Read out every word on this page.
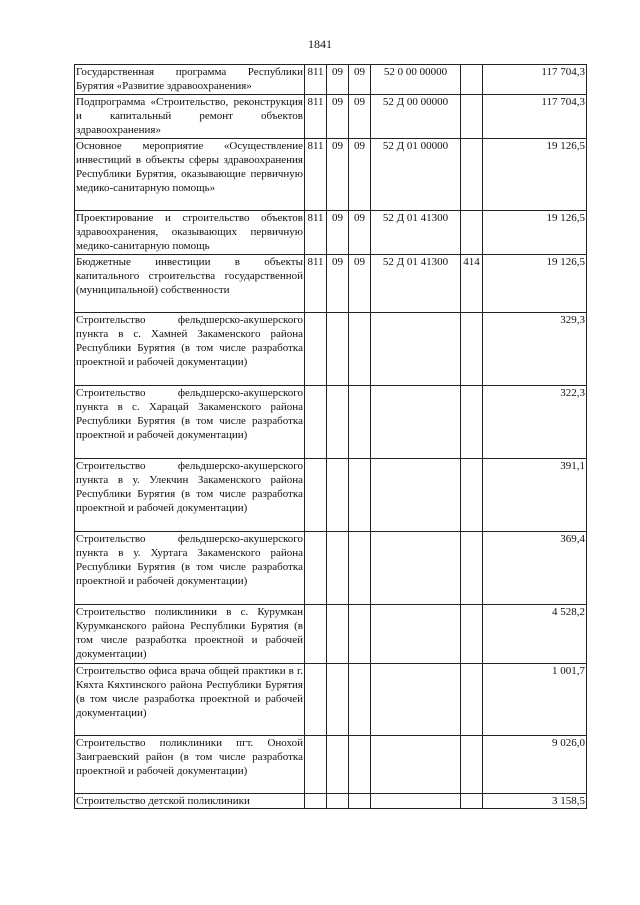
1841
Государственная программа Республики Бурятия «Развитие здравоохранения»	811	09	09	52 0 00 00000		117 704,3
Подпрограмма «Строительство, реконструкция и капитальный ремонт объектов здравоохранения»	811	09	09	52 Д 00 00000		117 704,3
Основное мероприятие «Осуществление инвестиций в объекты сферы здравоохранения Республики Бурятия, оказывающие первичную медико-санитарную помощь»	811	09	09	52 Д 01 00000		19 126,5
Проектирование и строительство объектов здравоохранения, оказывающих первичную медико-санитарную помощь	811	09	09	52 Д 01 41300		19 126,5
Бюджетные инвестиции в объекты капитального строительства государственной (муниципальной) собственности	811	09	09	52 Д 01 41300	414	19 126,5
Строительство фельдшерско-акушерского пункта в с. Хамней Закаменского района Республики Бурятия (в том числе разработка проектной и рабочей документации)						329,3
Строительство фельдшерско-акушерского пункта в с. Харацай Закаменского района Республики Бурятия (в том числе разработка проектной и рабочей документации)						322,3
Строительство фельдшерско-акушерского пункта в у. Улекчин Закаменского района Республики Бурятия (в том числе разработка проектной и рабочей документации)						391,1
Строительство фельдшерско-акушерского пункта в у. Хуртага Закаменского района Республики Бурятия (в том числе разработка проектной и рабочей документации)						369,4
Строительство поликлиники в с. Курумкан Курумканского района Республики Бурятия (в том числе разработка проектной и рабочей документации)						4 528,2
Строительство офиса врача общей практики в г. Кяхта Кяхтинского района Республики Бурятия (в том числе разработка проектной и рабочей документации)						1 001,7
Строительство поликлиники пгт. Онохой Заиграевский район (в том числе разработка проектной и рабочей документации)						9 026,0
Строительство детской поликлиники						3 158,5
